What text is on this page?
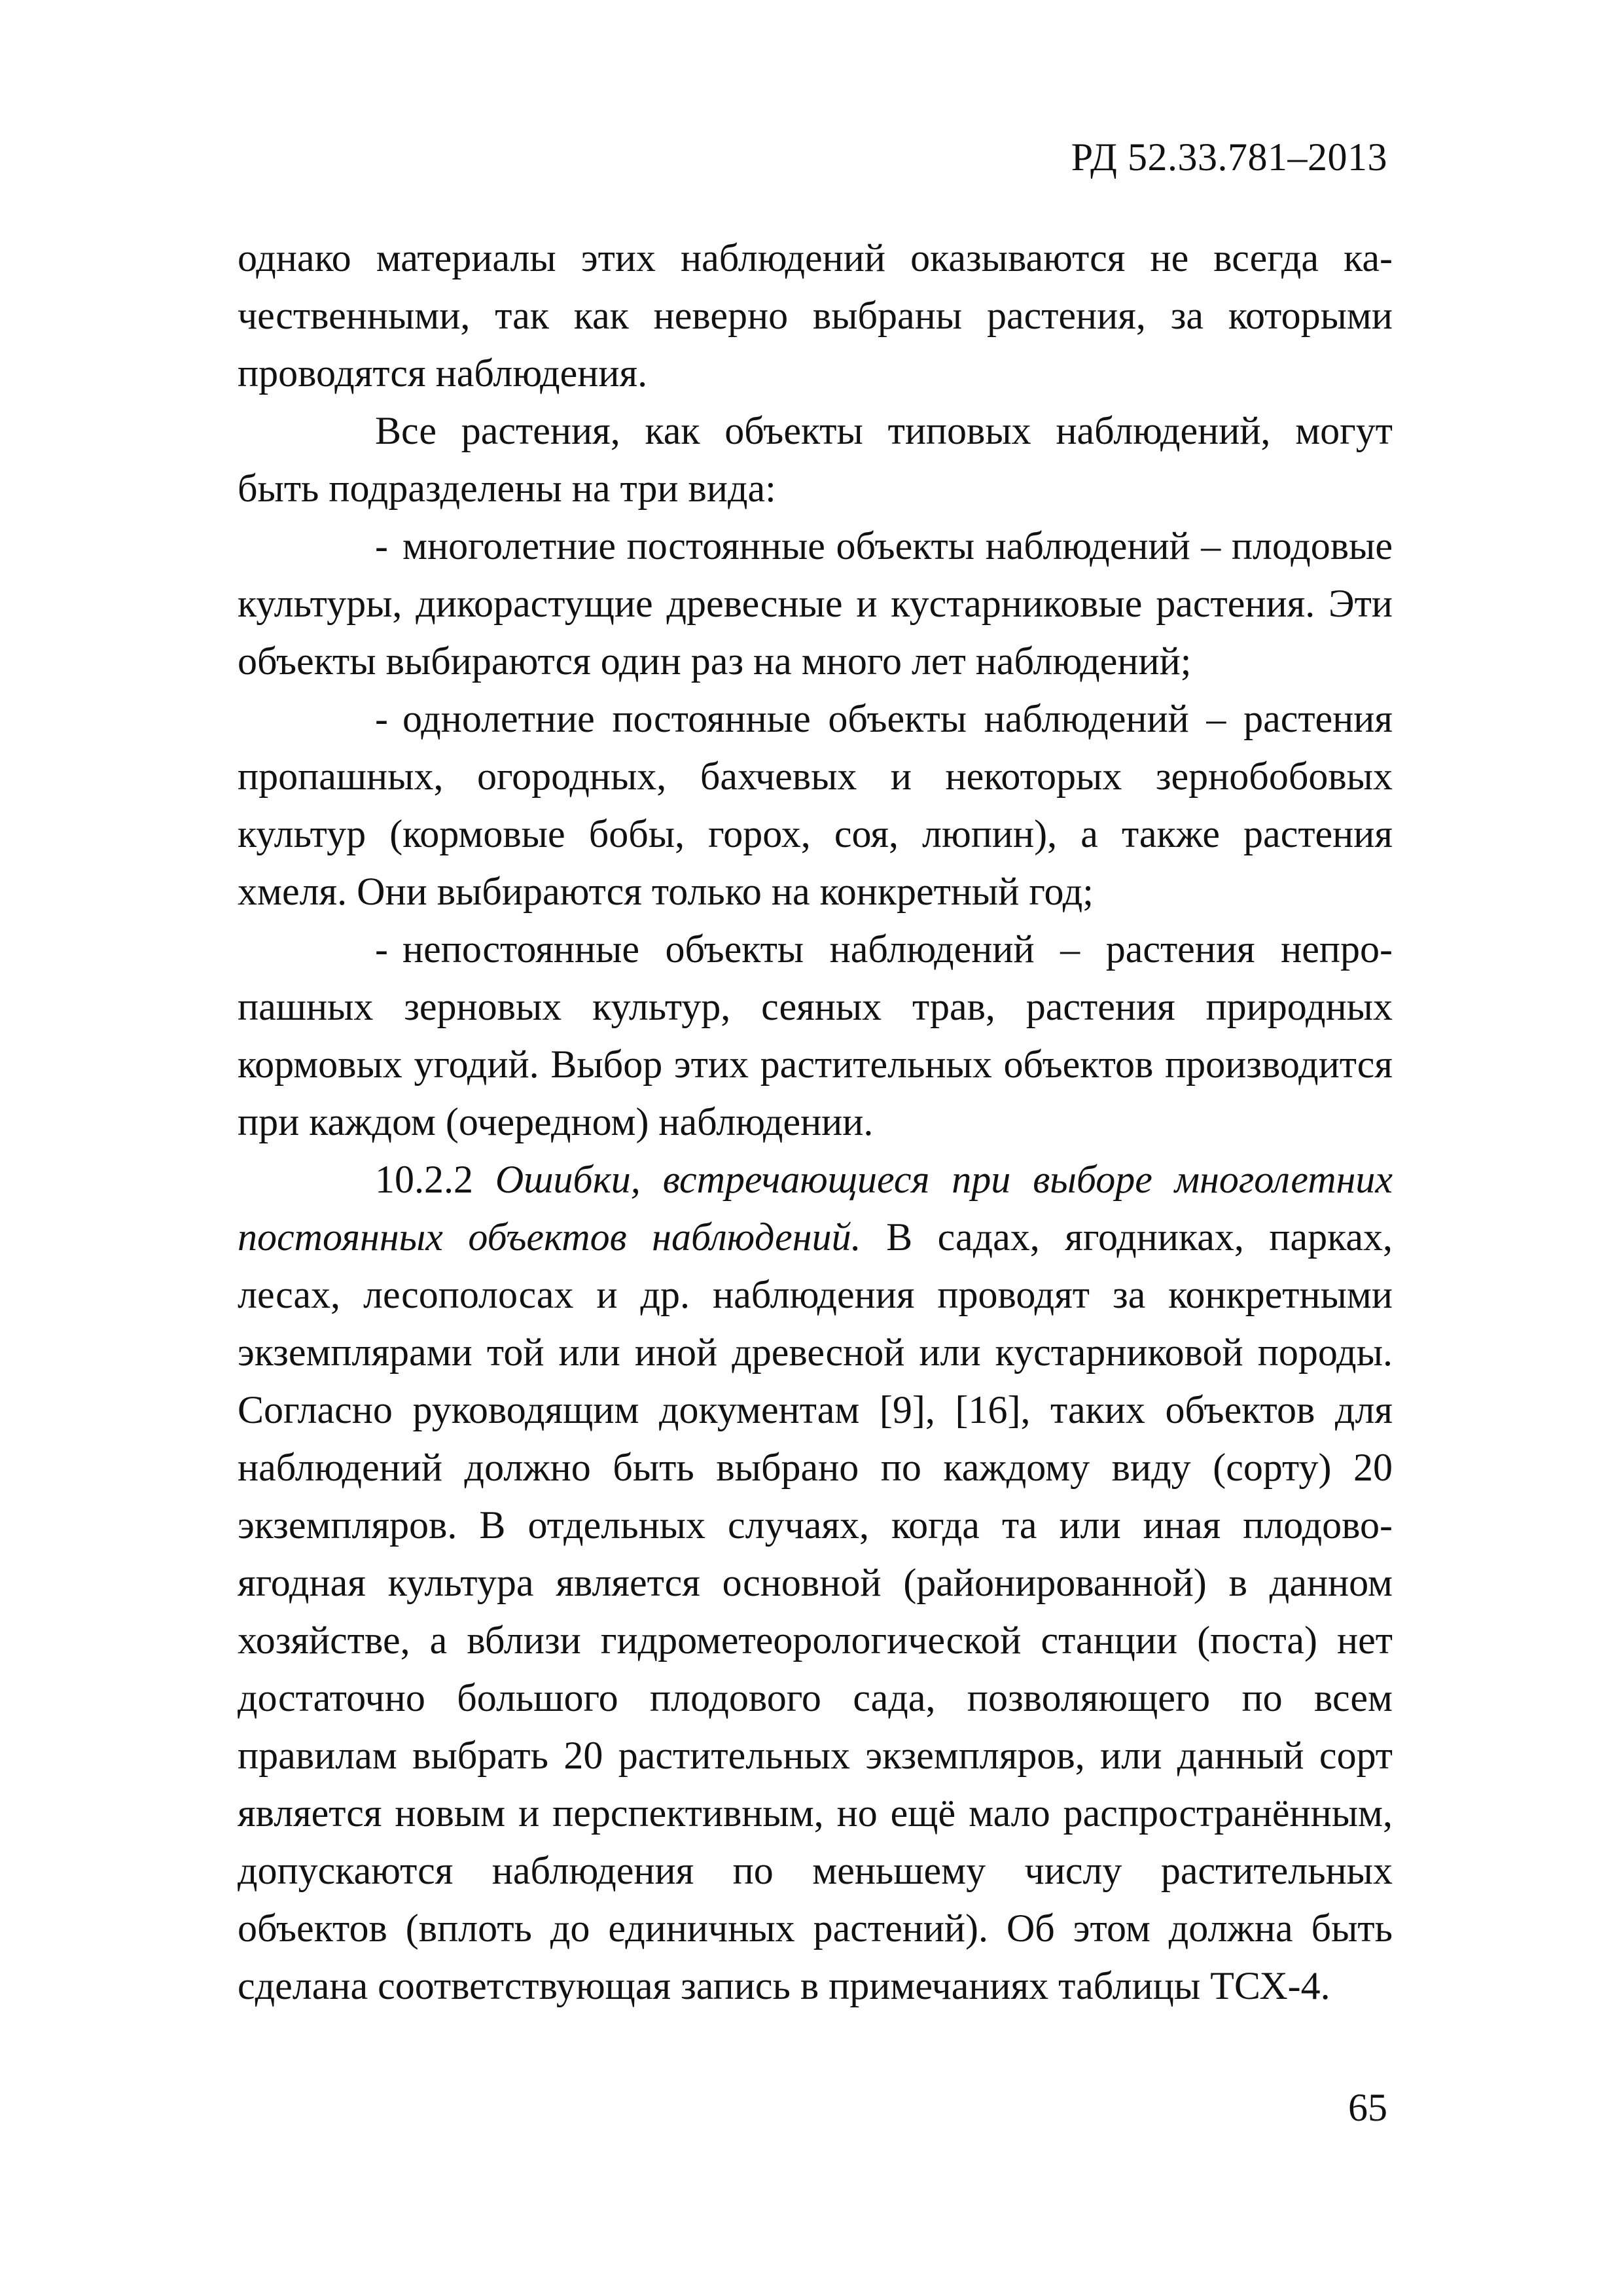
РД 52.33.781–2013

однако материалы этих наблюдений оказываются не всегда качественными, так как неверно выбраны растения, за которыми проводятся наблюдения.

Все растения, как объекты типовых наблюдений, могут быть подразделены на три вида:

- многолетние постоянные объекты наблюдений – плодовые культуры, дикорастущие древесные и кустарниковые растения. Эти объекты выбираются один раз на много лет наблюдений;

- однолетние постоянные объекты наблюдений – растения пропашных, огородных, бахчевых и некоторых зернобобовых культур (кормовые бобы, горох, соя, люпин), а также растения хмеля. Они выбираются только на конкретный год;

- непостоянные объекты наблюдений – растения непропашных зерновых культур, сеяных трав, растения природных кормовых угодий. Выбор этих растительных объектов производится при каждом (очередном) наблюдении.

10.2.2 Ошибки, встречающиеся при выборе многолетних постоянных объектов наблюдений. В садах, ягодниках, парках, лесах, лесополосах и др. наблюдения проводят за конкретными экземплярами той или иной древесной или кустарниковой породы. Согласно руководящим документам [9], [16], таких объектов для наблюдений должно быть выбрано по каждому виду (сорту) 20 экземпляров. В отдельных случаях, когда та или иная плодово-ягодная культура является основной (районированной) в данном хозяйстве, а вблизи гидрометеорологической станции (поста) нет достаточно большого плодового сада, позволяющего по всем правилам выбрать 20 растительных экземпляров, или данный сорт является новым и перспективным, но ещё мало распространённым, допускаются наблюдения по меньшему числу растительных объектов (вплоть до единичных растений). Об этом должна быть сделана соответствующая запись в примечаниях таблицы ТСХ-4.

65
